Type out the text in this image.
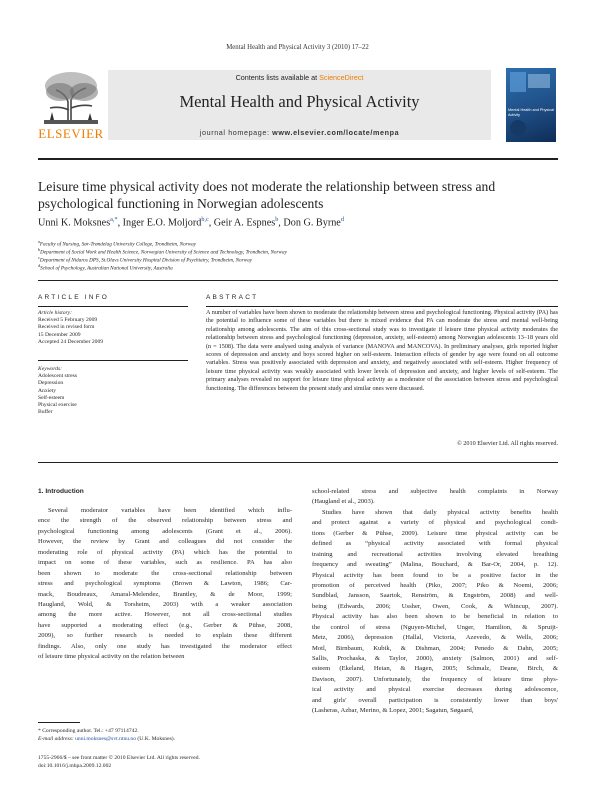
Mental Health and Physical Activity 3 (2010) 17–22
ELSEVIER
Contents lists available at ScienceDirect
Mental Health and Physical Activity
journal homepage: www.elsevier.com/locate/menpa
Mental Health and Physical Activity
Leisure time physical activity does not moderate the relationship between stress and psychological functioning in Norwegian adolescents
Unni K. Moksnes$^{a,*}$, Inger E.O. Moljord$^{b,c}$, Geir A. Espnes$^b$, Don G. Byrne$^d$
$^a$Faculty of Nursing, Sør-Trøndelag University College, Trondheim, Norway
$^b$Department of Social Work and Health Science, Norwegian University of Science and Technology, Trondheim, Norway
$^c$Department of Nidaros DPS, St.Olavs University Hospital Division of Psychiatry, Trondheim, Norway
$^d$School of Psychology, Australian National University, Australia
ARTICLE INFO
Article history:
Received 5 February 2009
Received in revised form
15 December 2009
Accepted 24 December 2009
Keywords:
Adolescent stress
Depression
Anxiety
Self-esteem
Physical exercise
Buffer
ABSTRACT
A number of variables have been shown to moderate the relationship between stress and psychological functioning. Physical activity (PA) has the potential to influence some of these variables but there is mixed evidence that PA can moderate the stress and mental well-being relationship among adolescents. The aim of this cross-sectional study was to investigate if leisure time physical activity moderates the relationship between stress and psychological functioning (depression, anxiety, self-esteem) among Norwegian adolescents 13–18 years old (n = 1508). The data were analysed using analysis of variance (MANOVA and MANCOVA). In preliminary analyses, girls reported higher scores of depression and anxiety and boys scored higher on self-esteem. Interaction effects of gender by age were found on all outcome variables. Stress was positively associated with depression and anxiety, and negatively associated with self-esteem. Higher frequency of leisure time physical activity was weakly associated with lower levels of depression and anxiety, and higher levels of self-esteem. The primary analyses revealed no support for leisure time physical activity as a moderator of the association between stress and psychological functioning. The differences between the present study and similar ones were discussed.
© 2010 Elsevier Ltd. All rights reserved.
1. Introduction
Several moderator variables have been identified which influ-
ence the strength of the observed relationship between stress and
psychological functioning among adolescents (Grant et al., 2006).
However, the review by Grant and colleagues did not consider the
moderating role of physical activity (PA) which has the potential to
impact on some of these variables, such as resilience. PA has also
been shown to moderate the cross-sectional relationship between
stress and psychological symptoms (Brown & Lawton, 1986; Car-
mack, Boudreaux, Amaral-Melendez, Brantley, & de Moor, 1999;
Haugland, Wold, & Torsheim, 2003) with a weaker association
among the more active. However, not all cross-sectional studies
have supported a moderating effect (e.g., Gerber & Pühse, 2008,
2009), so further research is needed to explain these different
findings. Also, only one study has investigated the moderator effect
of leisure time physical activity on the relation between
school-related stress and subjective health complaints in Norway
(Haugland et al., 2003).
Studies have shown that daily physical activity benefits health
and protect against a variety of physical and psychological condi-
tions (Gerber & Pühse, 2009). Leisure time physical activity can be
defined as “physical activity associated with formal physical
training and recreational activities involving elevated breathing
frequency and sweating” (Malina, Bouchard, & Bar-Or, 2004, p. 12).
Physical activity has been found to be a positive factor in the
promotion of perceived health (Piko, 2007; Piko & Noemi, 2006;
Sundblad, Jansson, Saartok, Renström, & Engström, 2008) and well-
being (Edwards, 2006; Ussher, Owen, Cook, & Whincup, 2007).
Physical activity has also been shown to be beneficial in relation to
the control of stress (Nguyen-Michel, Unger, Hamilton, & Spruijt-
Metz, 2006), depression (Hallal, Victoria, Azevedo, & Wells, 2006;
Motl, Birnbaum, Kubik, & Dishman, 2004; Penedo & Dahn, 2005;
Sallis, Prochaska, & Taylor, 2000), anxiety (Salmon, 2001) and self-
esteem (Ekeland, Heian, & Hagen, 2005; Schmalz, Deane, Birch, &
Davison, 2007). Unfortunately, the frequency of leisure time phys-
ical activity and physical exercise decreases during adolescence,
and girls' overall participation is consistently lower than boys'
(Lasheras, Azbar, Merino, & Lopez, 2001; Sagatun, Søgaard,
* Corresponding author. Tel.: +47 97114742.
E-mail address: unni.moksnes@svt.ntnu.no (U.K. Moksnes).
1755-2966/$ – see front matter © 2010 Elsevier Ltd. All rights reserved.
doi:10.1016/j.mhpa.2009.12.002
